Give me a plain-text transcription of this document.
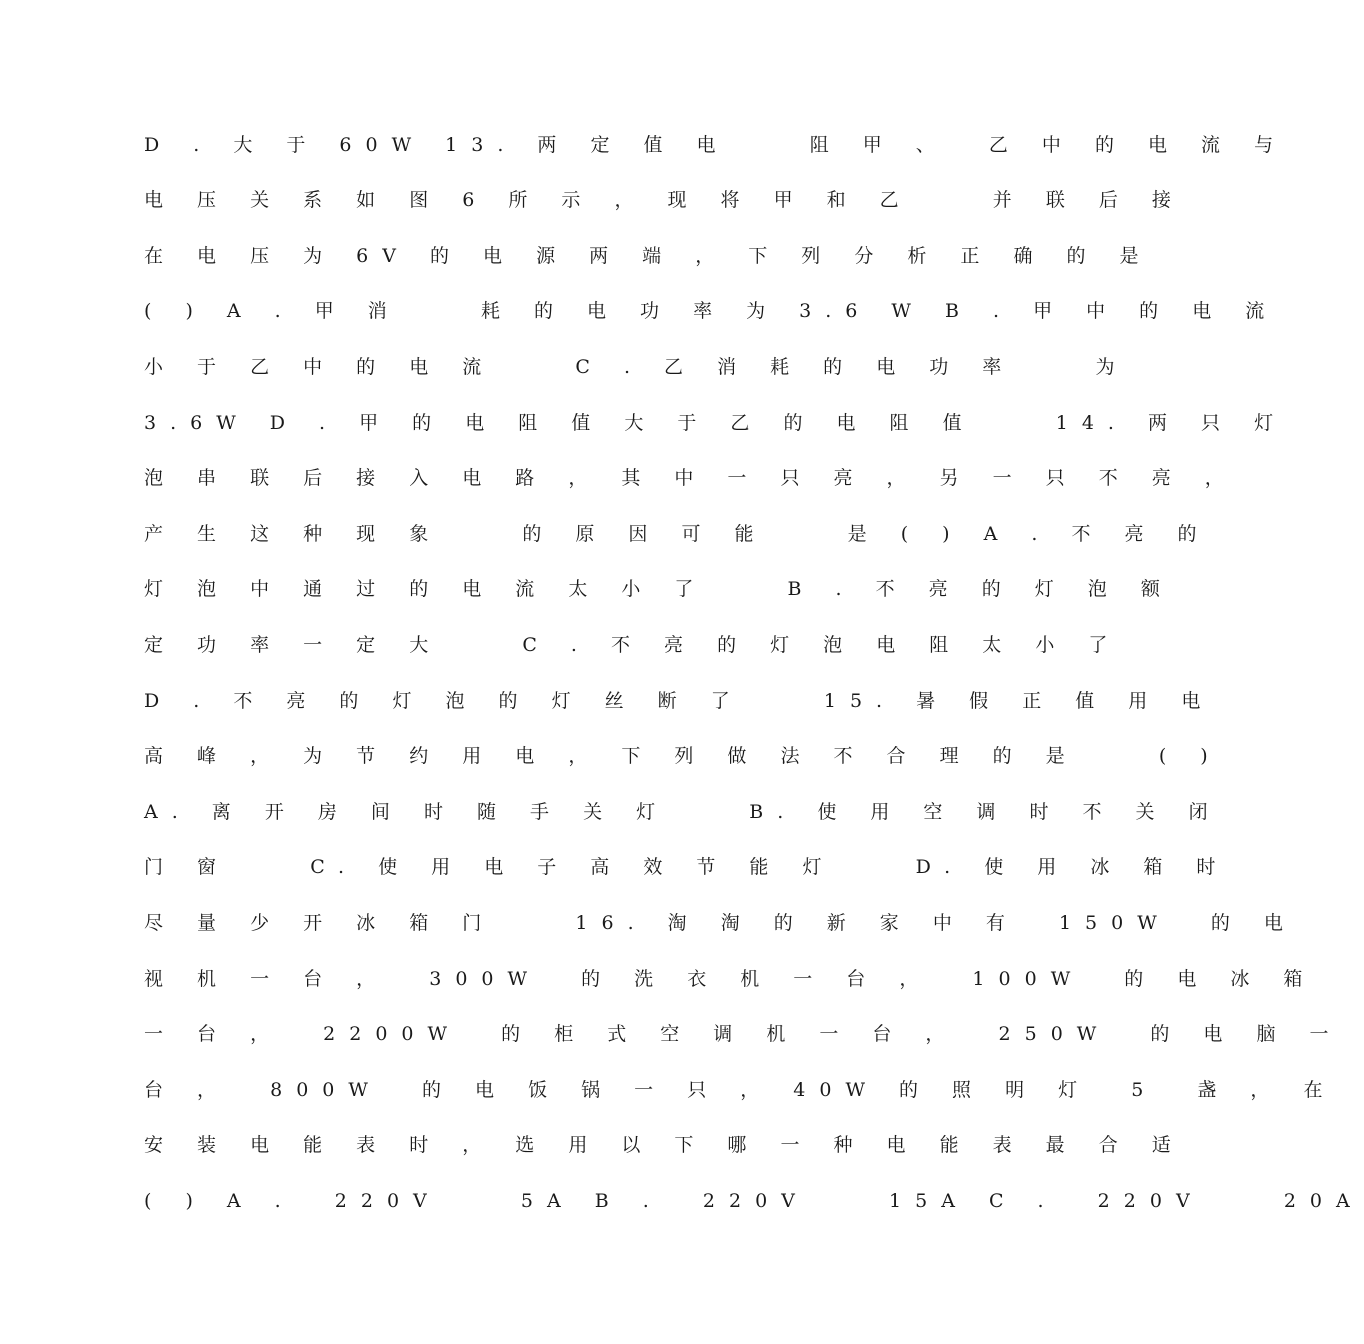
D . 大 于 60W 13. 两 定 值 电    阻 甲 、  乙 中 的 电 流 与
电 压 关 系 如 图 6 所 示 ， 现 将 甲 和 乙    并 联 后 接
在 电 压 为 6V 的 电 源 两 端 ， 下 列 分 析 正 确 的 是
( ) A . 甲 消    耗 的 电 功 率 为 3.6 W B . 甲 中 的 电 流
小 于 乙 中 的 电 流    C . 乙 消 耗 的 电 功 率    为
3.6W D . 甲 的 电 阻 值 大 于 乙 的 电 阻 值    14. 两 只 灯
泡 串 联 后 接 入 电 路 ， 其 中 一 只 亮 ， 另 一 只 不 亮 ，
产 生 这 种 现 象    的 原 因 可 能    是 ( ) A . 不 亮 的
灯 泡 中 通 过 的 电 流 太 小 了    B . 不 亮 的 灯 泡 额
定 功 率 一 定 大    C . 不 亮 的 灯 泡 电 阻 太 小 了
D . 不 亮 的 灯 泡 的 灯 丝 断 了    15. 暑 假 正 值 用 电
高 峰 ， 为 节 约 用 电 ， 下 列 做 法 不 合 理 的 是    ( )
A. 离 开 房 间 时 随 手 关 灯    B. 使 用 空 调 时 不 关 闭
门 窗    C. 使 用 电 子 高 效 节 能 灯    D. 使 用 冰 箱 时
尽 量 少 开 冰 箱 门    16. 淘 淘 的 新 家 中 有  150W  的 电
视 机 一 台 ，  300W  的 洗 衣 机 一 台 ，  100W  的 电 冰 箱
一 台 ，  2200W  的 柜 式 空 调 机 一 台 ，  250W  的 电 脑 一
台 ，  800W  的 电 饭 锅 一 只 ， 40W 的 照 明 灯  5  盏 ， 在
安 装 电 能 表 时 ， 选 用 以 下 哪 一 种 电 能 表 最 合 适
( ) A .  220V    5A B .  220V    15A C .  220V    20A
